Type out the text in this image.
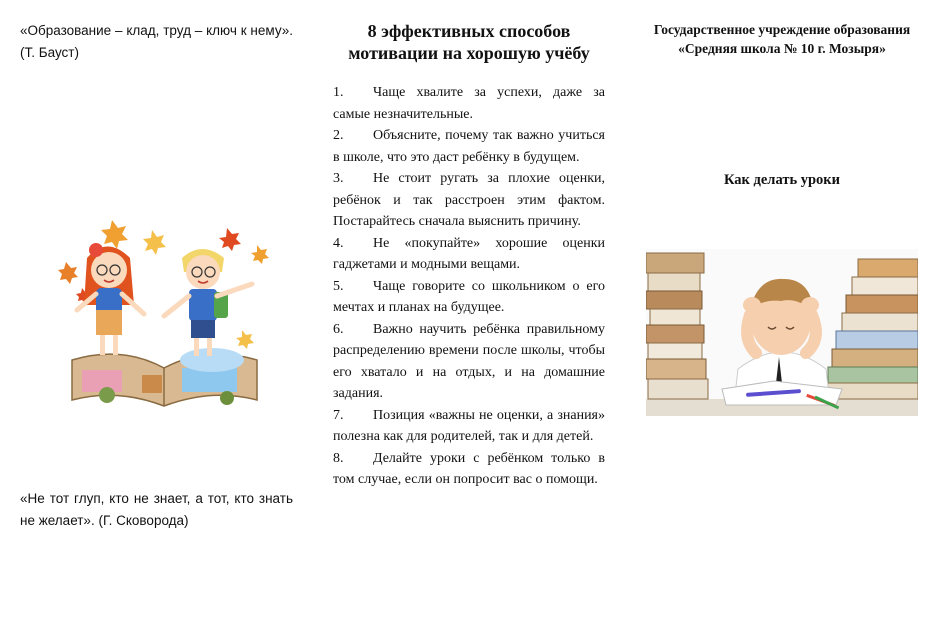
«Образование – клад, труд – ключ к нему». (Т. Бауст)
«Не тот глуп, кто не знает, а тот, кто знать не желает». (Г. Сковорода)
8 эффективных способов мотивации на хорошую учёбу
1. Чаще хвалите за успехи, даже за самые незначительные.
2. Объясните, почему так важно учиться в школе, что это даст ребёнку в будущем.
3. Не стоит ругать за плохие оценки, ребёнок и так расстроен этим фактом. Постарайтесь сначала выяснить причину.
4. Не «покупайте» хорошие оценки гаджетами и модными вещами.
5. Чаще говорите со школьником о его мечтах и планах на будущее.
6. Важно научить ребёнка правильному распределению времени после школы, чтобы его хватало и на отдых, и на домашние задания.
7. Позиция «важны не оценки, а знания» полезна как для родителей, так и для детей.
8. Делайте уроки с ребёнком только в том случае, если он попросит вас о помощи.
Государственное учреждение образования «Средняя школа № 10 г. Мозыря»
Как делать уроки
